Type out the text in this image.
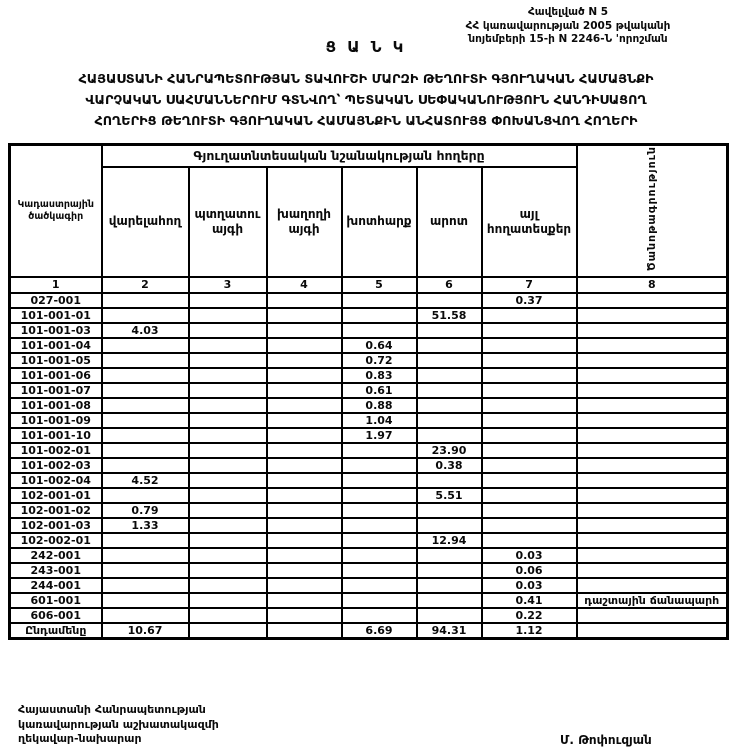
Հավելված N 5
ՀՀ կառավարության 2005 թվականի
նոյեմբերի 15-ի N 2246-Ն 'որոշման
Ց Ա Ն Կ
ՀԱՅԱՍՏԱՆԻ ՀԱՆՐԱՊԵՏՈՒԹՅԱՆ ՏԱՎՈՒՇԻ ՄԱՐԶԻ ԹԵՂՈՒՏԻ ԳՅՈՒՂԱԿԱՆ ՀԱՄԱՅՆՔԻ
ՎԱՐՉԱԿԱՆ ՍԱՀՄԱՆՆԵՐՈՒՄ ԳՏՆՎՈՂ՝ ՊԵՏԱԿԱՆ ՍԵՓԱԿԱՆՈՒԹՅՈՒՆ ՀԱՆԴԻՍԱՑՈՂ
ՀՈՂԵՐԻՑ ԹԵՂՈՒՏԻ ԳՅՈՒՂԱԿԱՆ ՀԱՄԱՅՆՔԻՆ ԱՆՀԱՏՈՒՅՑ ՓՈԽԱՆՑՎՈՂ ՀՈՂԵՐԻ
Կադաստրային ծածկագիր	Գյուղատնտեսական նշանակության հողերը						Ծանոթագրություն
	վարելահող	պտղատու այգի	խաղողի այգի	խոտհարք	արոտ	այլ հողատեսքեր	
1	2	3	4	5	6	7	8
027-001						0.37	
101-001-01					51.58		
101-001-03	4.03						
101-001-04				0.64			
101-001-05				0.72			
101-001-06				0.83			
101-001-07				0.61			
101-001-08				0.88			
101-001-09				1.04			
101-001-10				1.97			
101-002-01					23.90		
101-002-03					0.38		
101-002-04	4.52						
102-001-01					5.51		
102-001-02	0.79						
102-001-03	1.33						
102-002-01					12.94		
242-001						0.03	
243-001						0.06	
244-001						0.03	
601-001						0.41	դաշտային ճանապարհ
606-001						0.22	
Ընդամենը	10.67			6.69	94.31	1.12	
Հայաստանի Հանրապետության
կառավարության աշխատակազմի
ղեկավար-նախարար	Մ. Թոփուզյան
